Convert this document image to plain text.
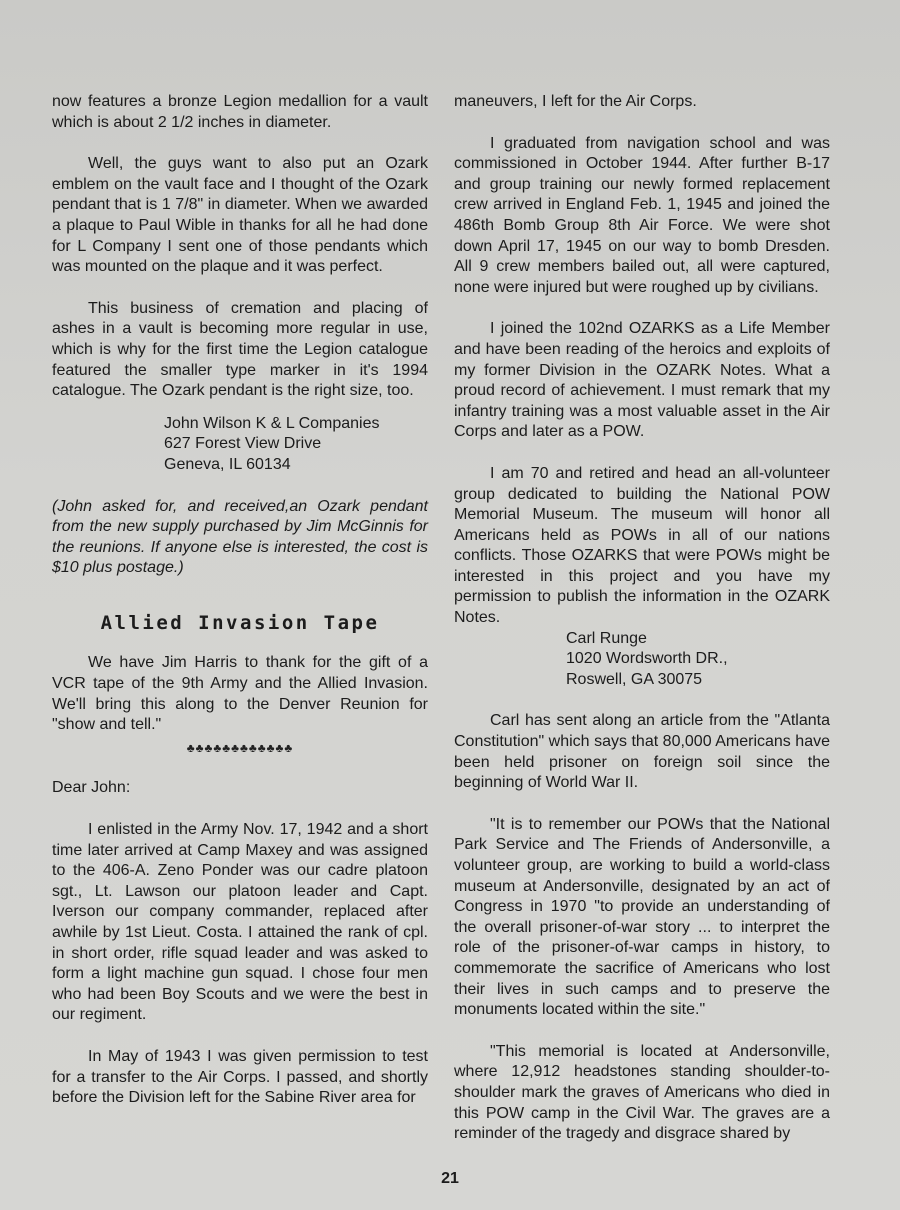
now features a bronze Legion medallion for a vault which is about 2 1/2 inches in diameter.

Well, the guys want to also put an Ozark emblem on the vault face and I thought of the Ozark pendant that is 1 7/8" in diameter. When we awarded a plaque to Paul Wible in thanks for all he had done for L Company I sent one of those pendants which was mounted on the plaque and it was perfect.

This business of cremation and placing of ashes in a vault is becoming more regular in use, which is why for the first time the Legion catalogue featured the smaller type marker in it's 1994 catalogue. The Ozark pendant is the right size, too.

John Wilson K & L Companies

627 Forest View Drive

Geneva, IL 60134

(John asked for, and received,an Ozark pendant from the new supply purchased by Jim McGinnis for the reunions. If anyone else is interested, the cost is $10 plus postage.)

Allied Invasion Tape

We have Jim Harris to thank for the gift of a VCR tape of the 9th Army and the Allied Invasion. We'll bring this along to the Denver Reunion for "show and tell."

♣♣♣♣♣♣♣♣♣♣♣♣

Dear John:

I enlisted in the Army Nov. 17, 1942 and a short time later arrived at Camp Maxey and was assigned to the 406-A. Zeno Ponder was our cadre platoon sgt., Lt. Lawson our platoon leader and Capt. Iverson our company commander, replaced after awhile by 1st Lieut. Costa. I attained the rank of cpl. in short order, rifle squad leader and was asked to form a light machine gun squad. I chose four men who had been Boy Scouts and we were the best in our regiment.

In May of 1943 I was given permission to test for a transfer to the Air Corps. I passed, and shortly before the Division left for the Sabine River area for

maneuvers, I left for the Air Corps.

I graduated from navigation school and was commissioned in October 1944. After further B-17 and group training our newly formed replacement crew arrived in England Feb. 1, 1945 and joined the 486th Bomb Group 8th Air Force. We were shot down April 17, 1945 on our way to bomb Dresden. All 9 crew members bailed out, all were captured, none were injured but were roughed up by civilians.

I joined the 102nd OZARKS as a Life Member and have been reading of the heroics and exploits of my former Division in the OZARK Notes. What a proud record of achievement. I must remark that my infantry training was a most valuable asset in the Air Corps and later as a POW.

I am 70 and retired and head an all-volunteer group dedicated to building the National POW Memorial Museum. The museum will honor all Americans held as POWs in all of our nations conflicts. Those OZARKS that were POWs might be interested in this project and you have my permission to publish the information in the OZARK Notes.

Carl Runge

1020 Wordsworth DR.,

Roswell, GA 30075

Carl has sent along an article from the "Atlanta Constitution" which says that 80,000 Americans have been held prisoner on foreign soil since the beginning of World War II.

"It is to remember our POWs that the National Park Service and The Friends of Andersonville, a volunteer group, are working to build a world-class museum at Andersonville, designated by an act of Congress in 1970 "to provide an understanding of the overall prisoner-of-war story ... to interpret the role of the prisoner-of-war camps in history, to commemorate the sacrifice of Americans who lost their lives in such camps and to preserve the monuments located within the site."

"This memorial is located at Andersonville, where 12,912 headstones standing shoulder-to-shoulder mark the graves of Americans who died in this POW camp in the Civil War. The graves are a reminder of the tragedy and disgrace shared by

21
